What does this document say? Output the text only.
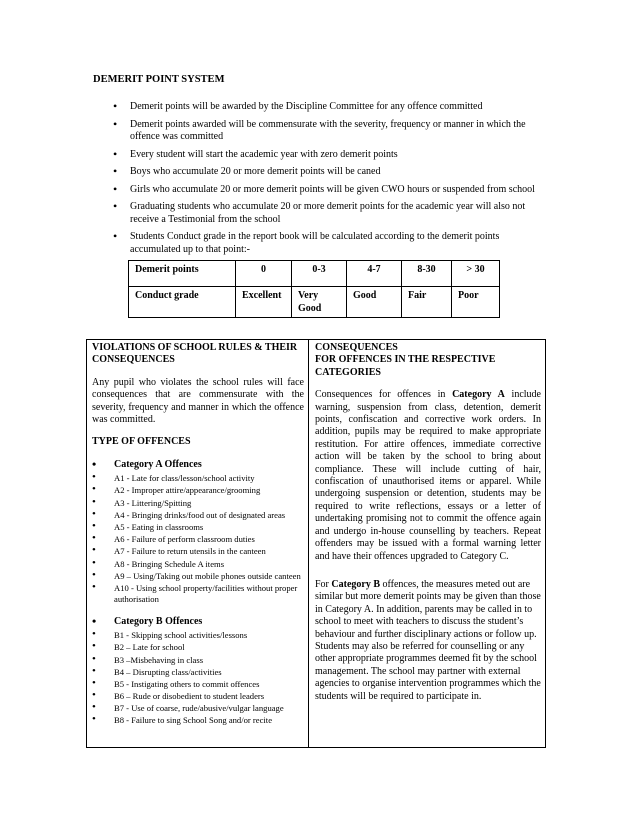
DEMERIT POINT SYSTEM
• Demerit points will be awarded by the Discipline Committee for any offence committed
• Demerit points awarded will be commensurate with the severity, frequency or manner in which the offence was committed
• Every student will start the academic year with zero demerit points
• Boys who accumulate 20 or more demerit points will be caned
• Girls who accumulate 20 or more demerit points will be given CWO hours or suspended from school
• Graduating students who accumulate 20 or more demerit points for the academic year will also not receive a Testimonial from the school
• Students Conduct grade in the report book will be calculated according to the demerit points accumulated up to that point:-
Demerit points	0	0-3	4-7	8-30	> 30
Conduct grade	Excellent	Very Good	Good	Fair	Poor
VIOLATIONS OF SCHOOL RULES & THEIR CONSEQUENCES
Any pupil who violates the school rules will face consequences that are commensurate with the severity, frequency and manner in which the offence was committed.
TYPE OF OFFENCES
• Category A Offences
• A1 - Late for class/lesson/school activity
• A2 - Improper attire/appearance/grooming
• A3 - Littering/Spitting
• A4 - Bringing drinks/food out of designated areas
• A5 - Eating in classrooms
• A6 - Failure of perform classroom duties
• A7 - Failure to return utensils in the canteen
• A8 - Bringing Schedule A items
• A9 – Using/Taking out mobile phones outside canteen
• A10 - Using school property/facilities without proper authorisation
• Category B Offences
• B1 - Skipping school activities/lessons
• B2 – Late for school
• B3 –Misbehaving in class
• B4 – Disrupting class/activities
• B5 - Instigating others to commit offences
• B6 – Rude or disobedient to student leaders
• B7 - Use of coarse, rude/abusive/vulgar language
• B8 - Failure to sing School Song and/or recite
CONSEQUENCES
FOR OFFENCES IN THE RESPECTIVE CATEGORIES
Consequences for offences in Category A include warning, suspension from class, detention, demerit points, confiscation and corrective work orders. In addition, pupils may be required to make appropriate restitution. For attire offences, immediate corrective action will be taken by the school to bring about compliance. These will include cutting of hair, confiscation of unauthorised items or apparel. While undergoing suspension or detention, students may be required to write reflections, essays or a letter of undertaking promising not to commit the offence again and undergo in-house counselling by teachers. Repeat offenders may be issued with a formal warning letter and have their offences upgraded to Category C.
For Category B offences, the measures meted out are similar but more demerit points may be given than those in Category A. In addition, parents may be called in to school to meet with teachers to discuss the student’s behaviour and further disciplinary actions or follow up. Students may also be referred for counselling or any other appropriate programmes deemed fit by the school management. The school may partner with external agencies to organise intervention programmes which the students will be required to participate in.
